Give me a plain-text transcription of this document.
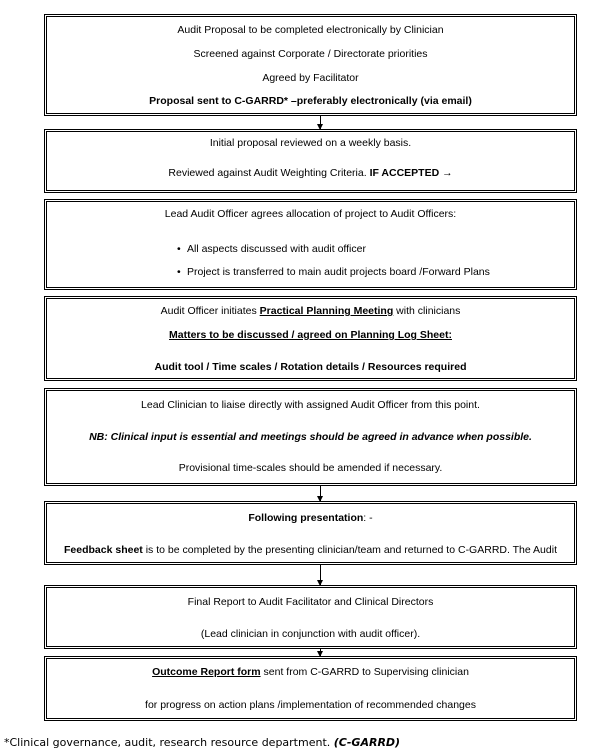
Audit Proposal to be completed electronically by Clinician
Screened against Corporate / Directorate priorities
Agreed by Facilitator
Proposal sent to C-GARRD* –preferably electronically (via email)
Initial proposal reviewed on a weekly basis.
Reviewed against Audit Weighting Criteria. IF ACCEPTED →
Lead Audit Officer agrees allocation of project to Audit Officers:
• All aspects discussed with audit officer
• Project is transferred to main audit projects board /Forward Plans
Audit Officer initiates Practical Planning Meeting with clinicians
Matters to be discussed / agreed on Planning Log Sheet:
Audit tool / Time scales / Rotation details / Resources required
Lead Clinician to liaise directly with assigned Audit Officer from this point.
NB: Clinical input is essential and meetings should be agreed in advance when possible.
Provisional time-scales should be amended if necessary.
Following presentation: -
Feedback sheet is to be completed by the presenting clinician/team and returned to C-GARRD. The Audit
Final Report to Audit Facilitator and Clinical Directors
(Lead clinician in conjunction with audit officer).
Outcome Report form sent from C-GARRD to Supervising clinician
for progress on action plans /implementation of recommended changes
*Clinical governance, audit, research resource department. (C-GARRD)
